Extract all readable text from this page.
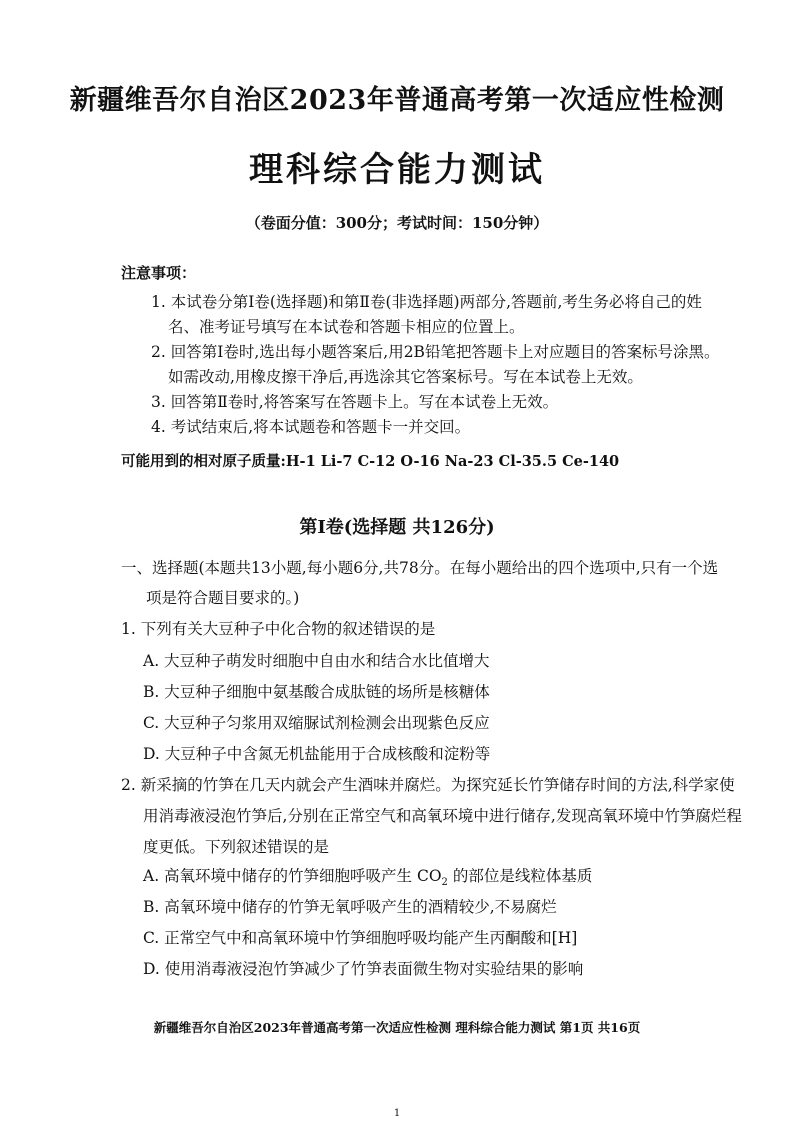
新疆维吾尔自治区2023年普通高考第一次适应性检测
理科综合能力测试
（卷面分值：300分；考试时间：150分钟）
注意事项：
1. 本试卷分第Ⅰ卷(选择题)和第Ⅱ卷(非选择题)两部分,答题前,考生务必将自己的姓
名、准考证号填写在本试卷和答题卡相应的位置上。
2. 回答第Ⅰ卷时,选出每小题答案后,用2B铅笔把答题卡上对应题目的答案标号涂黑。
如需改动,用橡皮擦干净后,再选涂其它答案标号。写在本试卷上无效。
3. 回答第Ⅱ卷时,将答案写在答题卡上。写在本试卷上无效。
4. 考试结束后,将本试题卷和答题卡一并交回。
可能用到的相对原子质量:H-1 Li-7 C-12 O-16 Na-23 Cl-35.5 Ce-140
第Ⅰ卷(选择题 共126分)
一、选择题(本题共13小题,每小题6分,共78分。在每小题给出的四个选项中,只有一个选
项是符合题目要求的。)
1. 下列有关大豆种子中化合物的叙述错误的是
A. 大豆种子萌发时细胞中自由水和结合水比值增大
B. 大豆种子细胞中氨基酸合成肽链的场所是核糖体
C. 大豆种子匀浆用双缩脲试剂检测会出现紫色反应
D. 大豆种子中含氮无机盐能用于合成核酸和淀粉等
2. 新采摘的竹笋在几天内就会产生酒味并腐烂。为探究延长竹笋储存时间的方法,科学家使
用消毒液浸泡竹笋后,分别在正常空气和高氧环境中进行储存,发现高氧环境中竹笋腐烂程
度更低。下列叙述错误的是
A. 高氧环境中储存的竹笋细胞呼吸产生 $CO_2$ 的部位是线粒体基质
B. 高氧环境中储存的竹笋无氧呼吸产生的酒精较少,不易腐烂
C. 正常空气中和高氧环境中竹笋细胞呼吸均能产生丙酮酸和[H]
D. 使用消毒液浸泡竹笋减少了竹笋表面微生物对实验结果的影响
新疆维吾尔自治区2023年普通高考第一次适应性检测 理科综合能力测试 第1页 共16页
1
